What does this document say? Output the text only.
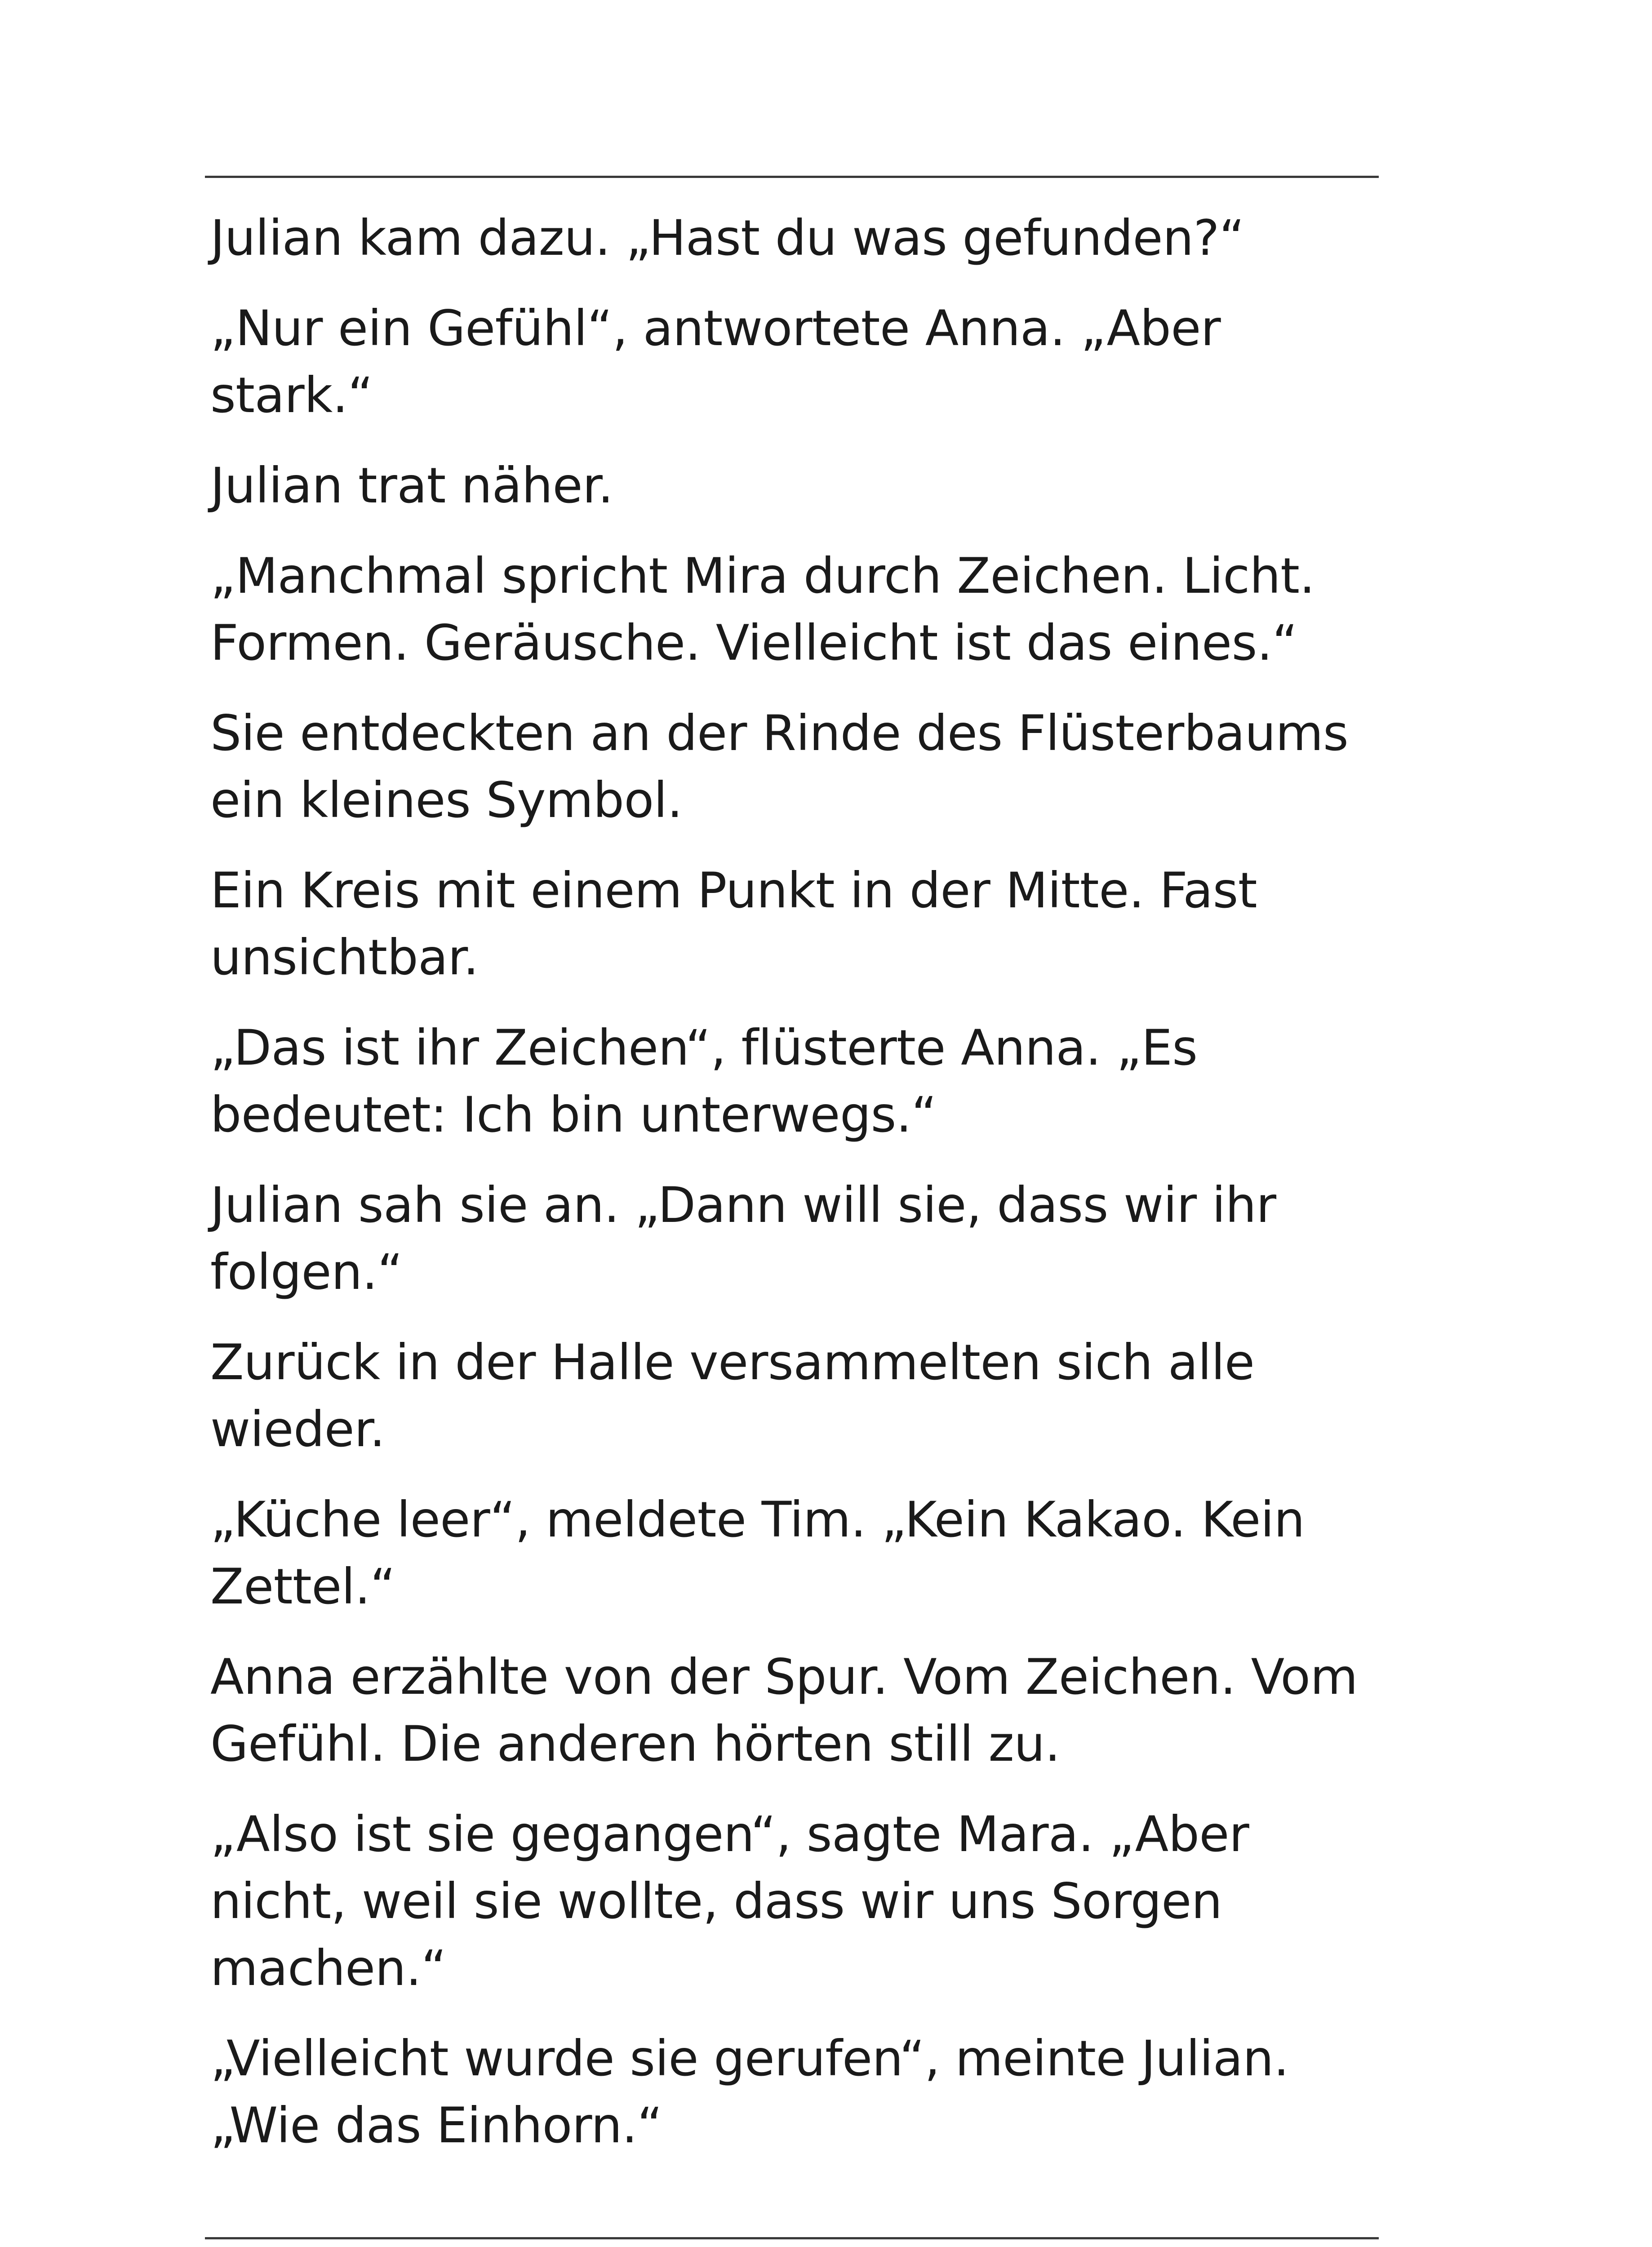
Julian kam dazu. „Hast du was gefunden?“

„Nur ein Gefühl“, antwortete Anna. „Aber
stark.“

Julian trat näher.

„Manchmal spricht Mira durch Zeichen. Licht.
Formen. Geräusche. Vielleicht ist das eines.“

Sie entdeckten an der Rinde des Flüsterbaums
ein kleines Symbol.

Ein Kreis mit einem Punkt in der Mitte. Fast
unsichtbar.

„Das ist ihr Zeichen“, flüsterte Anna. „Es
bedeutet: Ich bin unterwegs.“

Julian sah sie an. „Dann will sie, dass wir ihr
folgen.“

Zurück in der Halle versammelten sich alle
wieder.

„Küche leer“, meldete Tim. „Kein Kakao. Kein
Zettel.“

Anna erzählte von der Spur. Vom Zeichen. Vom
Gefühl. Die anderen hörten still zu.

„Also ist sie gegangen“, sagte Mara. „Aber
nicht, weil sie wollte, dass wir uns Sorgen
machen.“

„Vielleicht wurde sie gerufen“, meinte Julian.
„Wie das Einhorn.“
